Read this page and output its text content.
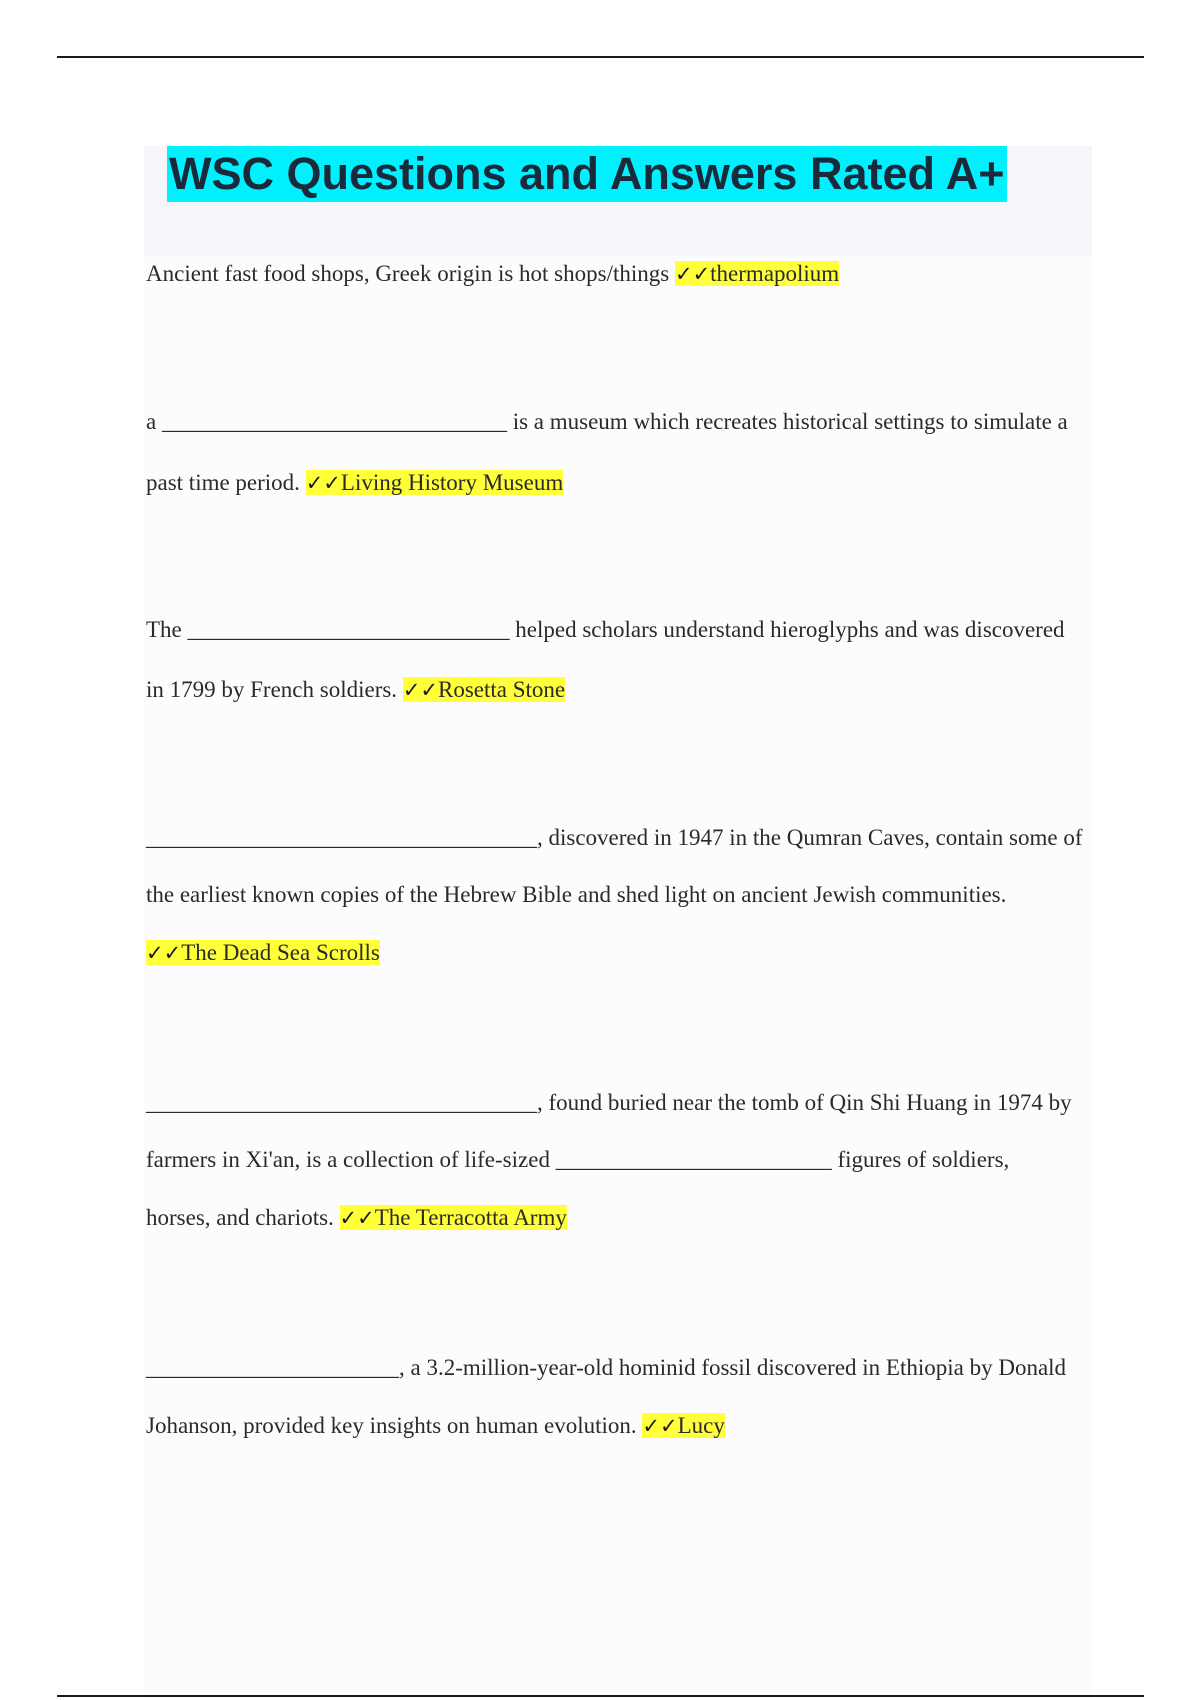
WSC Questions and Answers Rated A+
Ancient fast food shops, Greek origin is hot shops/things ✓✓thermapolium
a ______________________________ is a museum which recreates historical settings to simulate a
past time period. ✓✓Living History Museum
The ____________________________ helped scholars understand hieroglyphs and was discovered
in 1799 by French soldiers. ✓✓Rosetta Stone
__________________________________, discovered in 1947 in the Qumran Caves, contain some of
the earliest known copies of the Hebrew Bible and shed light on ancient Jewish communities.
✓✓The Dead Sea Scrolls
__________________________________, found buried near the tomb of Qin Shi Huang in 1974 by
farmers in Xi'an, is a collection of life-sized ________________________ figures of soldiers,
horses, and chariots. ✓✓The Terracotta Army
______________________, a 3.2-million-year-old hominid fossil discovered in Ethiopia by Donald
Johanson, provided key insights on human evolution. ✓✓Lucy
